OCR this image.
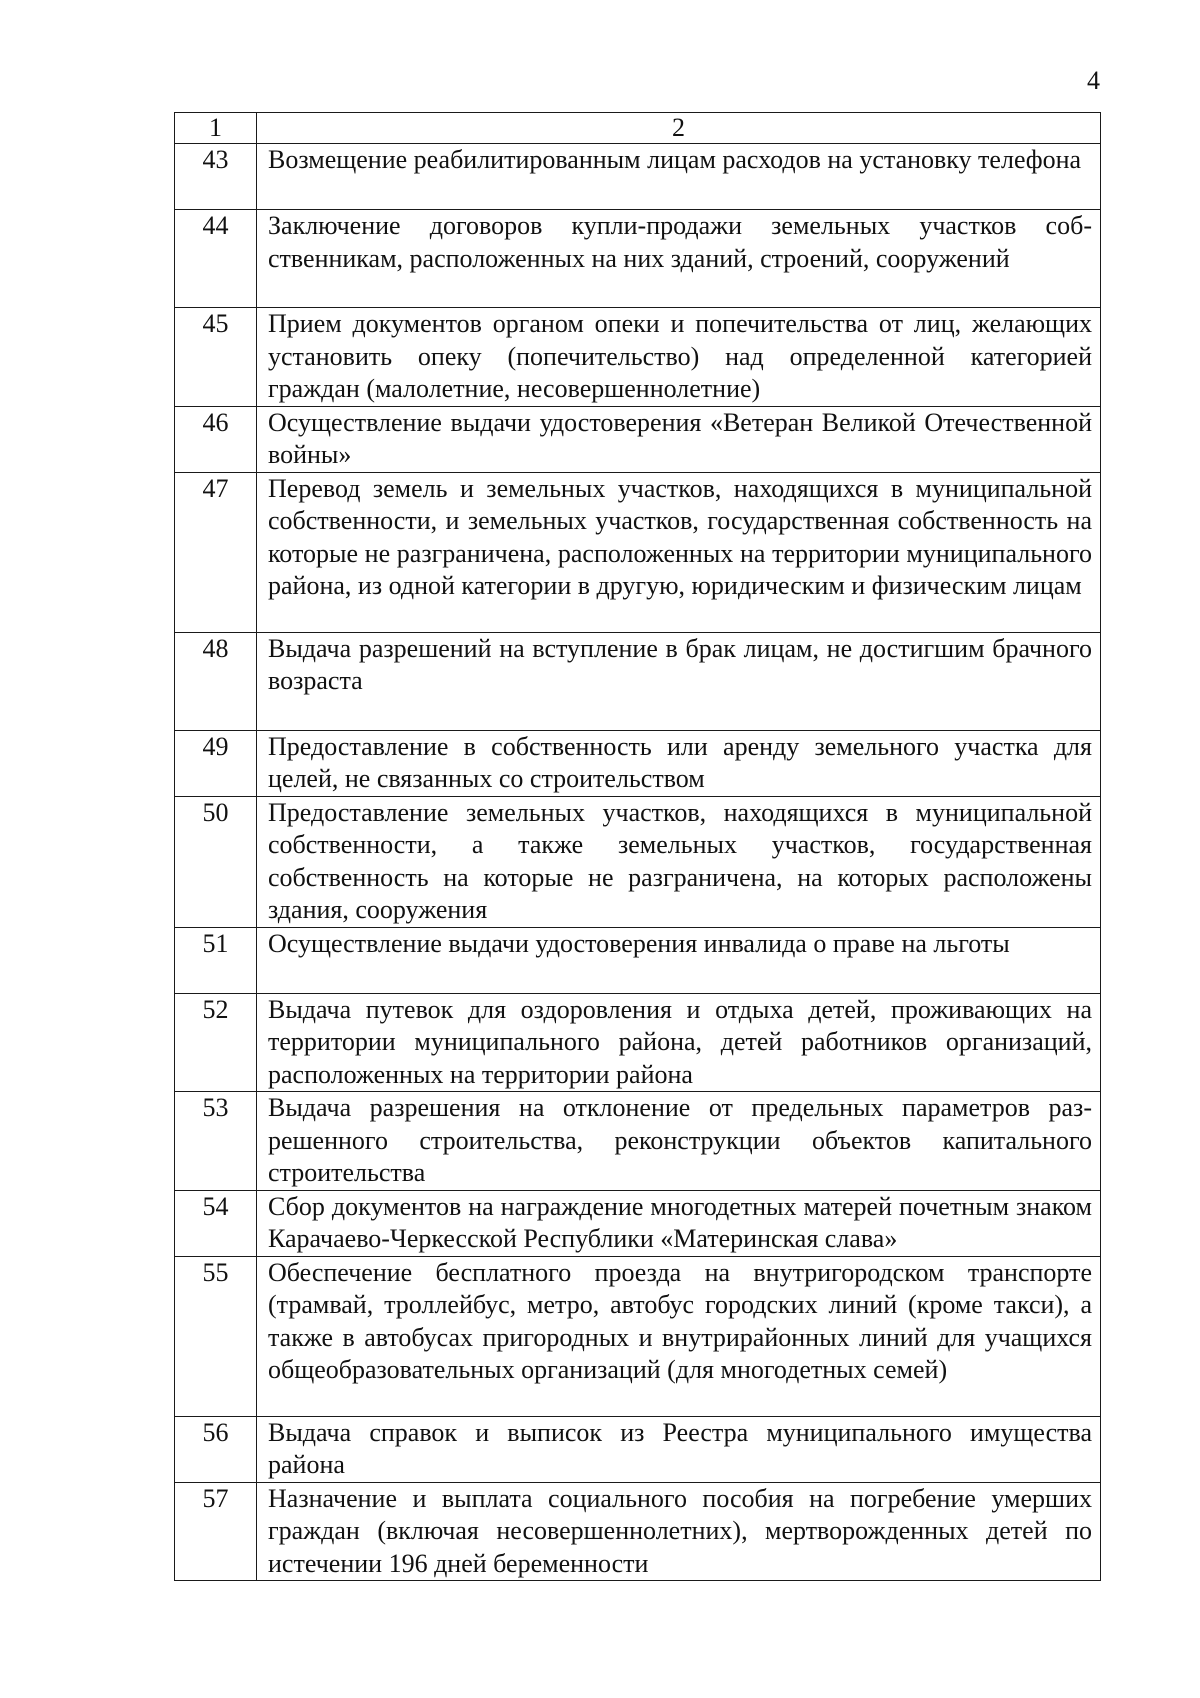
4
1	2
43	Возмещение реабилитированным лицам расходов на установку телефона
44	Заключение договоров купли-продажи земельных участков собственникам, расположенных на них зданий, строений, сооружений
45	Прием документов органом опеки и попечительства от лиц, желающих установить опеку (попечительство) над определенной категорией граждан (малолетние, несовершеннолетние)
46	Осуществление выдачи удостоверения «Ветеран Великой Отечественной войны»
47	Перевод земель и земельных участков, находящихся в муниципальной собственности, и земельных участков, государственная собственность на которые не разграничена, расположенных на территории муниципального района, из одной категории в другую, юридическим и физическим лицам
48	Выдача разрешений на вступление в брак лицам, не достигшим брачного возраста
49	Предоставление в собственность или аренду земельного участка для целей, не связанных со строительством
50	Предоставление земельных участков, находящихся в муниципальной собственности, а также земельных участков, государственная собственность на которые не разграничена, на которых расположены здания, сооружения
51	Осуществление выдачи удостоверения инвалида о праве на льготы
52	Выдача путевок для оздоровления и отдыха детей, проживающих на территории муниципального района, детей работников организаций, расположенных на территории района
53	Выдача разрешения на отклонение от предельных параметров разрешенного строительства, реконструкции объектов капитального строительства
54	Сбор документов на награждение многодетных матерей почетным знаком Карачаево-Черкесской Республики «Материнская слава»
55	Обеспечение бесплатного проезда на внутригородском транспорте (трамвай, троллейбус, метро, автобус городских линий (кроме такси), а также в автобусах пригородных и внутрирайонных линий для учащихся общеобразовательных организаций (для многодетных семей)
56	Выдача справок и выписок из Реестра муниципального имущества района
57	Назначение и выплата социального пособия на погребение умерших граждан (включая несовершеннолетних), мертворожденных детей по истечении 196 дней беременности
